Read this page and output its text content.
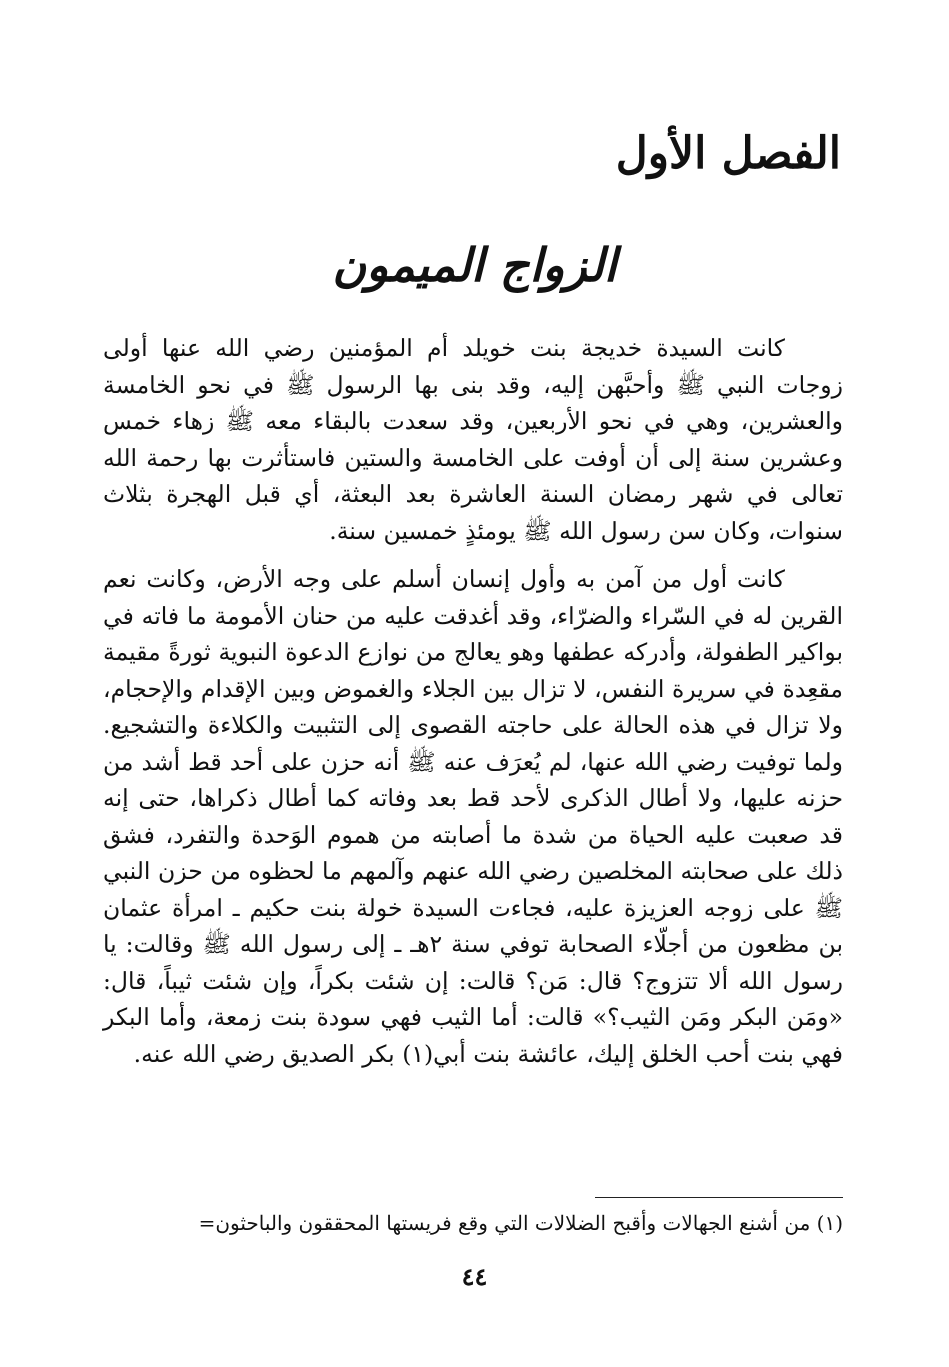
الفصل الأول
الزواج الميمون

كانت السيدة خديجة بنت خويلد أم المؤمنين رضي الله عنها أولى زوجات النبي ﷺ وأحبَّهن إليه، وقد بنى بها الرسول ﷺ في نحو الخامسة والعشرين، وهي في نحو الأربعين، وقد سعدت بالبقاء معه ﷺ زهاء خمس وعشرين سنة إلى أن أوفت على الخامسة والستين فاستأثرت بها رحمة الله تعالى في شهر رمضان السنة العاشرة بعد البعثة، أي قبل الهجرة بثلاث سنوات، وكان سن رسول الله ﷺ يومئذٍ خمسين سنة.

كانت أول من آمن به وأول إنسان أسلم على وجه الأرض، وكانت نعم القرين له في السّراء والضرّاء، وقد أغدقت عليه من حنان الأمومة ما فاته في بواكير الطفولة، وأدركه عطفها وهو يعالج من نوازع الدعوة النبوية ثورةً مقيمة مقعِدة في سريرة النفس، لا تزال بين الجلاء والغموض وبين الإقدام والإحجام، ولا تزال في هذه الحالة على حاجته القصوى إلى التثبيت والكلاءة والتشجيع. ولما توفيت رضي الله عنها، لم يُعرَف عنه ﷺ أنه حزن على أحد قط أشد من حزنه عليها، ولا أطال الذكرى لأحد قط بعد وفاته كما أطال ذكراها، حتى إنه قد صعبت عليه الحياة من شدة ما أصابته من هموم الوَحدة والتفرد، فشق ذلك على صحابته المخلصين رضي الله عنهم وآلمهم ما لحظوه من حزن النبي ﷺ على زوجه العزيزة عليه، فجاءت السيدة خولة بنت حكيم ـ امرأة عثمان بن مظعون من أجلّاء الصحابة توفي سنة ٢هـ ـ إلى رسول الله ﷺ وقالت: يا رسول الله ألا تتزوج؟ قال: مَن؟ قالت: إن شئت بكراً، وإن شئت ثيباً، قال: «ومَن البكر ومَن الثيب؟» قالت: أما الثيب فهي سودة بنت زمعة، وأما البكر فهي بنت أحب الخلق إليك، عائشة بنت أبي(١) بكر الصديق رضي الله عنه.

(١) من أشنع الجهالات وأقبح الضلالات التي وقع فريستها المحققون والباحثون=

٤٤
